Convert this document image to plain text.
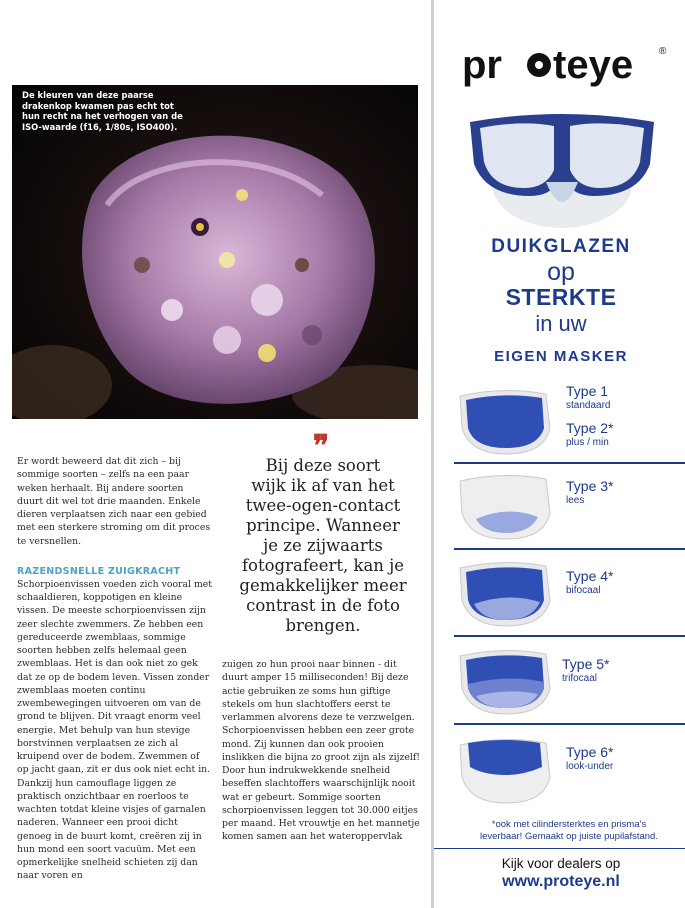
De kleuren van deze paarse drakenkop kwamen pas echt tot hun recht na het verhogen van de ISO-waarde (f16, 1/80s, ISO400).

Er wordt beweerd dat dit zich – bij sommige soorten – zelfs na een paar weken herhaalt. Bij andere soorten duurt dit wel tot drie maanden. Enkele dieren verplaatsen zich naar een gebied met een sterkere stroming om dit proces te versnellen.

RAZENDSNELLE ZUIGKRACHT

Schorpioenvissen voeden zich vooral met schaaldieren, koppotigen en kleine vissen. De meeste schorpioenvissen zijn zeer slechte zwemmers. Ze hebben een gereduceerde zwemblaas, sommige soorten hebben zelfs helemaal geen zwemblaas. Het is dan ook niet zo gek dat ze op de bodem leven. Vissen zonder zwemblaas moeten continu zwembewegingen uitvoeren om van de grond te blijven. Dit vraagt enorm veel energie. Met behulp van hun stevige borstvinnen verplaatsen ze zich al kruipend over de bodem. Zwemmen of op jacht gaan, zit er dus ook niet echt in. Dankzij hun camouflage liggen ze praktisch onzichtbaar en roerloos te wachten totdat kleine visjes of garnalen naderen. Wanneer een prooi dicht genoeg in de buurt komt, creëren zij in hun mond een soort vacuüm. Met een opmerkelijke snelheid schieten zij dan naar voren en

❞
Bij deze soort
wijk ik af van het
twee-ogen-contact
principe. Wanneer
je ze zijwaarts
fotografeert, kan je
gemakkelijker meer
contrast in de foto
brengen.

zuigen zo hun prooi naar binnen - dit duurt amper 15 milliseconden! Bij deze actie gebruiken ze soms hun giftige stekels om hun slachtoffers eerst te verlammen alvorens deze te verzwelgen. Schorpioenvissen hebben een zeer grote mond. Zij kunnen dan ook prooien inslikken die bijna zo groot zijn als zijzelf! Door hun indrukwekkende snelheid beseffen slachtoffers waarschijnlijk nooit wat er gebeurt. Sommige soorten schorpioenvissen leggen tot 30.000 eitjes per maand. Het vrouwtje en het mannetje komen samen aan het wateroppervlak

pr teye	®
DUIKGLAZEN
op
STERKTE
in uw
EIGEN MASKER
Type 1
standaard
Type 2*
plus / min
Type 3*
lees
Type 4*
bifocaal
Type 5*
trifocaal
Type 6*
look-under
*ook met cilindersterktes en prisma's
leverbaar! Gemaakt op juiste pupilafstand.
Kijk voor dealers op
www.proteye.nl
